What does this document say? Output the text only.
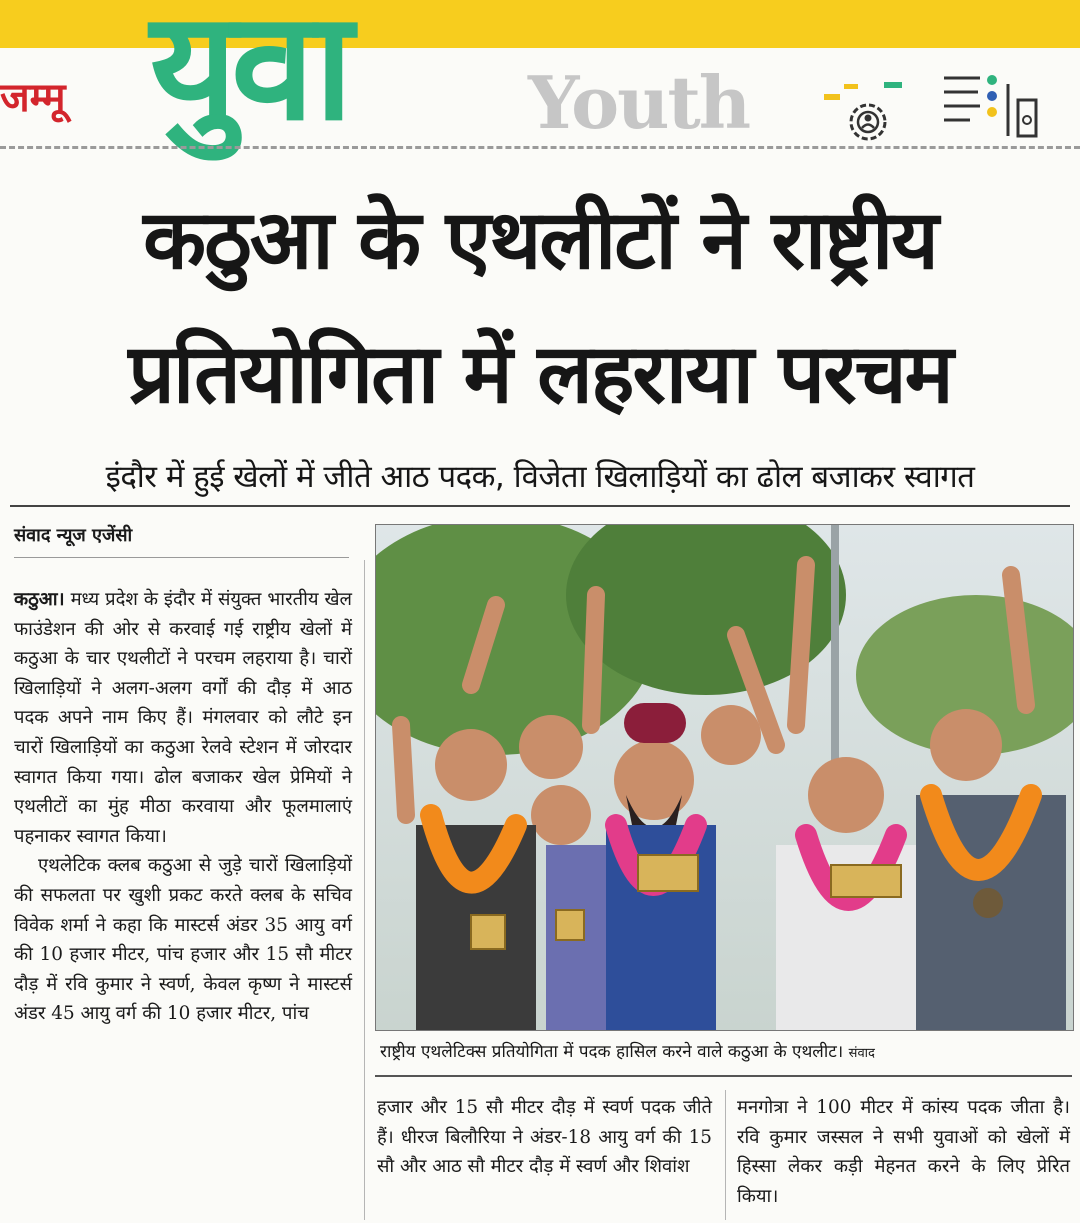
जम्मू युवा	Youth
कठुआ के एथलीटों ने राष्ट्रीय
प्रतियोगिता में लहराया परचम
इंदौर में हुई खेलों में जीते आठ पदक, विजेता खिलाड़ियों का ढोल बजाकर स्वागत
संवाद न्यूज एजेंसी

कठुआ। मध्य प्रदेश के इंदौर में संयुक्त भारतीय खेल फाउंडेशन की ओर से करवाई गई राष्ट्रीय खेलों में कठुआ के चार एथलीटों ने परचम लहराया है। चारों खिलाड़ियों ने अलग-अलग वर्गों की दौड़ में आठ पदक अपने नाम किए हैं। मंगलवार को लौटे इन चारों खिलाड़ियों का कठुआ रेलवे स्टेशन में जोरदार स्वागत किया गया। ढोल बजाकर खेल प्रेमियों ने एथलीटों का मुंह मीठा करवाया और फूलमालाएं पहनाकर स्वागत किया।

एथलेटिक क्लब कठुआ से जुड़े चारों खिलाड़ियों की सफलता पर खुशी प्रकट करते क्लब के सचिव विवेक शर्मा ने कहा कि मास्टर्स अंडर 35 आयु वर्ग की 10 हजार मीटर, पांच हजार और 15 सौ मीटर दौड़ में रवि कुमार ने स्वर्ण, केवल कृष्ण ने मास्टर्स अंडर 45 आयु वर्ग की 10 हजार मीटर, पांच

राष्ट्रीय एथलेटिक्स प्रतियोगिता में पदक हासिल करने वाले कठुआ के एथलीट। संवाद
हजार और 15 सौ मीटर दौड़ में स्वर्ण पदक जीते हैं। धीरज बिलौरिया ने अंडर-18 आयु वर्ग की 15 सौ और आठ सौ मीटर दौड़ में स्वर्ण और शिवांश
मनगोत्रा ने 100 मीटर में कांस्य पदक जीता है। रवि कुमार जस्सल ने सभी युवाओं को खेलों में हिस्सा लेकर कड़ी मेहनत करने के लिए प्रेरित किया।
